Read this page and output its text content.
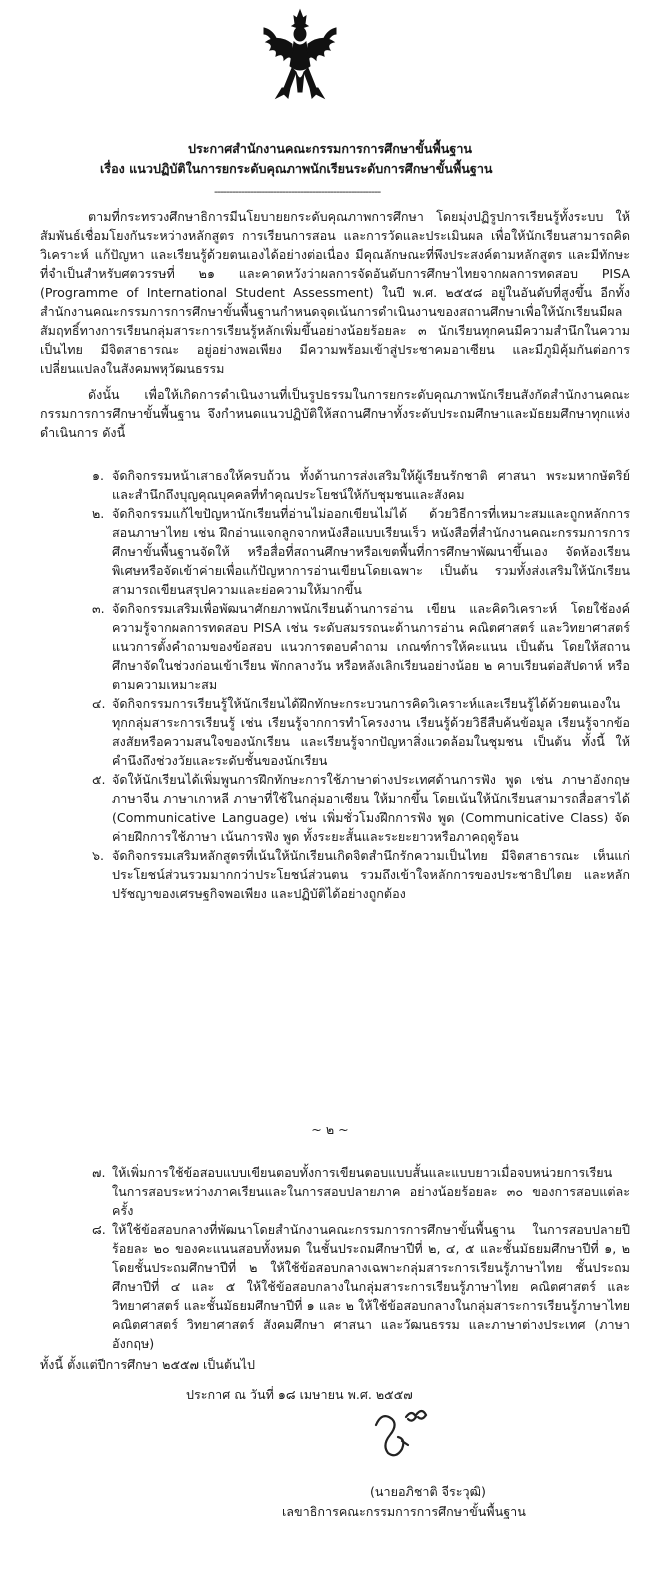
ประกาศสำนักงานคณะกรรมการการศึกษาขั้นพื้นฐาน
เรื่อง แนวปฏิบัติในการยกระดับคุณภาพนักเรียนระดับการศึกษาขั้นพื้นฐาน
--------------------------------------------------------

ตามที่กระทรวงศึกษาธิการมีนโยบายยกระดับคุณภาพการศึกษา โดยมุ่งปฏิรูปการเรียนรู้ทั้งระบบ ให้สัมพันธ์เชื่อมโยงกันระหว่างหลักสูตร การเรียนการสอน และการวัดและประเมินผล เพื่อให้นักเรียนสามารถคิดวิเคราะห์ แก้ปัญหา และเรียนรู้ด้วยตนเองได้อย่างต่อเนื่อง มีคุณลักษณะที่พึงประสงค์ตามหลักสูตร และมีทักษะที่จำเป็นสำหรับศตวรรษที่ ๒๑ และคาดหวังว่าผลการจัดอันดับการศึกษาไทยจากผลการทดสอบ PISA (Programme of International Student Assessment) ในปี พ.ศ. ๒๕๕๘ อยู่ในอันดับที่สูงขึ้น อีกทั้งสำนักงานคณะกรรมการการศึกษาขั้นพื้นฐานกำหนดจุดเน้นการดำเนินงานของสถานศึกษาเพื่อให้นักเรียนมีผลสัมฤทธิ์ทางการเรียนกลุ่มสาระการเรียนรู้หลักเพิ่มขึ้นอย่างน้อยร้อยละ ๓ นักเรียนทุกคนมีความสำนึกในความเป็นไทย มีจิตสาธารณะ อยู่อย่างพอเพียง มีความพร้อมเข้าสู่ประชาคมอาเซียน และมีภูมิคุ้มกันต่อการเปลี่ยนแปลงในสังคมพหุวัฒนธรรม

ดังนั้น เพื่อให้เกิดการดำเนินงานที่เป็นรูปธรรมในการยกระดับคุณภาพนักเรียนสังกัดสำนักงานคณะกรรมการการศึกษาขั้นพื้นฐาน จึงกำหนดแนวปฏิบัติให้สถานศึกษาทั้งระดับประถมศึกษาและมัธยมศึกษาทุกแห่งดำเนินการ ดังนี้

๑. จัดกิจกรรมหน้าเสาธงให้ครบถ้วน ทั้งด้านการส่งเสริมให้ผู้เรียนรักชาติ ศาสนา พระมหากษัตริย์ และสำนึกถึงบุญคุณบุคคลที่ทำคุณประโยชน์ให้กับชุมชนและสังคม
๒. จัดกิจกรรมแก้ไขปัญหานักเรียนที่อ่านไม่ออกเขียนไม่ได้ ด้วยวิธีการที่เหมาะสมและถูกหลักการสอนภาษาไทย เช่น ฝึกอ่านแจกลูกจากหนังสือแบบเรียนเร็ว หนังสือที่สำนักงานคณะกรรมการการศึกษาขั้นพื้นฐานจัดให้ หรือสื่อที่สถานศึกษาหรือเขตพื้นที่การศึกษาพัฒนาขึ้นเอง จัดห้องเรียนพิเศษหรือจัดเข้าค่ายเพื่อแก้ปัญหาการอ่านเขียนโดยเฉพาะ เป็นต้น รวมทั้งส่งเสริมให้นักเรียนสามารถเขียนสรุปความและย่อความให้มากขึ้น
๓. จัดกิจกรรมเสริมเพื่อพัฒนาศักยภาพนักเรียนด้านการอ่าน เขียน และคิดวิเคราะห์ โดยใช้องค์ความรู้จากผลการทดสอบ PISA เช่น ระดับสมรรถนะด้านการอ่าน คณิตศาสตร์ และวิทยาศาสตร์ แนวการตั้งคำถามของข้อสอบ แนวการตอบคำถาม เกณฑ์การให้คะแนน เป็นต้น โดยให้สถานศึกษาจัดในช่วงก่อนเข้าเรียน พักกลางวัน หรือหลังเลิกเรียนอย่างน้อย ๒ คาบเรียนต่อสัปดาห์ หรือตามความเหมาะสม
๔. จัดกิจกรรมการเรียนรู้ให้นักเรียนได้ฝึกทักษะกระบวนการคิดวิเคราะห์และเรียนรู้ได้ด้วยตนเองในทุกกลุ่มสาระการเรียนรู้ เช่น เรียนรู้จากการทำโครงงาน เรียนรู้ด้วยวิธีสืบค้นข้อมูล เรียนรู้จากข้อสงสัยหรือความสนใจของนักเรียน และเรียนรู้จากปัญหาสิ่งแวดล้อมในชุมชน เป็นต้น ทั้งนี้ ให้คำนึงถึงช่วงวัยและระดับชั้นของนักเรียน
๕. จัดให้นักเรียนได้เพิ่มพูนการฝึกทักษะการใช้ภาษาต่างประเทศด้านการฟัง พูด เช่น ภาษาอังกฤษ ภาษาจีน ภาษาเกาหลี ภาษาที่ใช้ในกลุ่มอาเซียน ให้มากขึ้น โดยเน้นให้นักเรียนสามารถสื่อสารได้ (Communicative Language) เช่น เพิ่มชั่วโมงฝึกการฟัง พูด (Communicative Class) จัดค่ายฝึกการใช้ภาษา เน้นการฟัง พูด ทั้งระยะสั้นและระยะยาวหรือภาคฤดูร้อน
๖. จัดกิจกรรมเสริมหลักสูตรที่เน้นให้นักเรียนเกิดจิตสำนึกรักความเป็นไทย มีจิตสาธารณะ เห็นแก่ประโยชน์ส่วนรวมมากกว่าประโยชน์ส่วนตน รวมถึงเข้าใจหลักการของประชาธิปไตย และหลักปรัชญาของเศรษฐกิจพอเพียง และปฏิบัติได้อย่างถูกต้อง
~ ๒ ~
๗. ให้เพิ่มการใช้ข้อสอบแบบเขียนตอบทั้งการเขียนตอบแบบสั้นและแบบยาวเมื่อจบหน่วยการเรียน ในการสอบระหว่างภาคเรียนและในการสอบปลายภาค อย่างน้อยร้อยละ ๓๐ ของการสอบแต่ละครั้ง
๘. ให้ใช้ข้อสอบกลางที่พัฒนาโดยสำนักงานคณะกรรมการการศึกษาขั้นพื้นฐาน ในการสอบปลายปี ร้อยละ ๒๐ ของคะแนนสอบทั้งหมด ในชั้นประถมศึกษาปีที่ ๒, ๔, ๕ และชั้นมัธยมศึกษาปีที่ ๑, ๒ โดยชั้นประถมศึกษาปีที่ ๒ ให้ใช้ข้อสอบกลางเฉพาะกลุ่มสาระการเรียนรู้ภาษาไทย ชั้นประถมศึกษาปีที่ ๔ และ ๕ ให้ใช้ข้อสอบกลางในกลุ่มสาระการเรียนรู้ภาษาไทย คณิตศาสตร์ และวิทยาศาสตร์ และชั้นมัธยมศึกษาปีที่ ๑ และ ๒ ให้ใช้ข้อสอบกลางในกลุ่มสาระการเรียนรู้ภาษาไทย คณิตศาสตร์ วิทยาศาสตร์ สังคมศึกษา ศาสนา และวัฒนธรรม และภาษาต่างประเทศ (ภาษาอังกฤษ)
ทั้งนี้ ตั้งแต่ปีการศึกษา ๒๕๕๗ เป็นต้นไป
ประกาศ ณ วันที่ ๑๘ เมษายน พ.ศ. ๒๕๕๗
(นายอภิชาติ จีระวุฒิ)
เลขาธิการคณะกรรมการการศึกษาขั้นพื้นฐาน
